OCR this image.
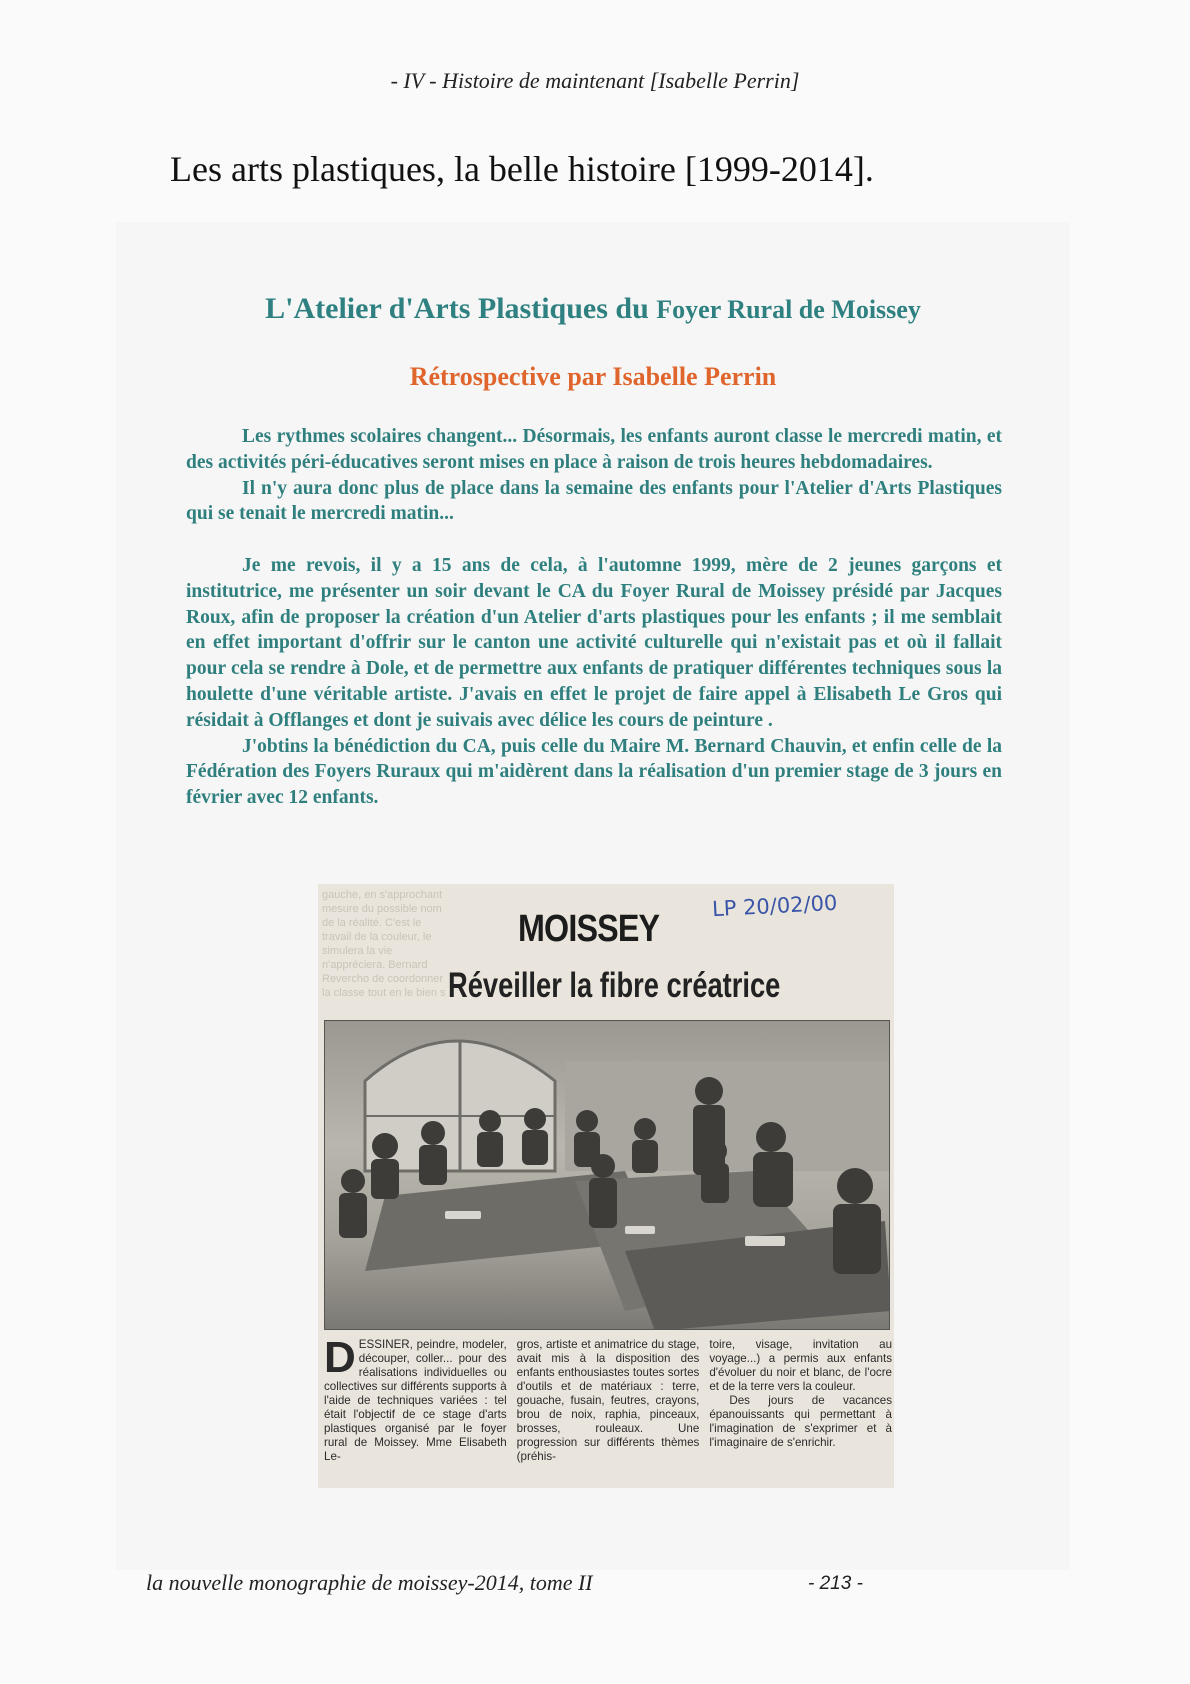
- IV - Histoire de maintenant [Isabelle Perrin]
Les arts plastiques, la belle histoire [1999-2014].
L'Atelier d'Arts Plastiques du Foyer Rural de Moissey
Rétrospective par Isabelle Perrin

Les rythmes scolaires changent... Désormais, les enfants auront classe le mercredi matin, et des activités péri-éducatives seront mises en place à raison de trois heures hebdomadaires.

Il n'y aura donc plus de place dans la semaine des enfants pour l'Atelier d'Arts Plastiques qui se tenait le mercredi matin...

Je me revois, il y a 15 ans de cela, à l'automne 1999, mère de 2 jeunes garçons et institutrice, me présenter un soir devant le CA du Foyer Rural de Moissey présidé par Jacques Roux, afin de proposer la création d'un Atelier d'arts plastiques pour les enfants ; il me semblait en effet important d'offrir sur le canton une activité culturelle qui n'existait pas et où il fallait pour cela se rendre à Dole, et de permettre aux enfants de pratiquer différentes techniques sous la houlette d'une véritable artiste. J'avais en effet le projet de faire appel à Elisabeth Le Gros qui résidait à Offlanges et dont je suivais avec délice les cours de peinture .

J'obtins la bénédiction du CA, puis celle du Maire M. Bernard Chauvin, et enfin celle de la Fédération des Foyers Ruraux qui m'aidèrent dans la réalisation d'un premier stage de 3 jours en février avec 12 enfants.

gauche, en s'approchant mesure du possible nom de la réalité. C'est le travail de la couleur, le simulera la vie n'appréciera. Bernard Revercho de coordonner la classe tout en le bien s
LP 20/02/00
MOISSEY
Réveiller la fibre créatrice
D ESSINER, peindre, modeler, découper, coller... pour des réalisations individuelles ou collectives sur différents supports à l'aide de techniques variées : tel était l'objectif de ce stage d'arts plastiques organisé par le foyer rural de Moissey. Mme Elisabeth Le-
gros, artiste et animatrice du stage, avait mis à la disposition des enfants enthousiastes toutes sortes d'outils et de matériaux : terre, gouache, fusain, feutres, crayons, brou de noix, raphia, pinceaux, brosses, rouleaux. Une progression sur différents thèmes (préhis-
toire, visage, invitation au voyage...) a permis aux enfants d'évoluer du noir et blanc, de l'ocre et de la terre vers la couleur.
Des jours de vacances épanouissants qui permettant à l'imagination de s'exprimer et à l'imaginaire de s'enrichir.
la nouvelle monographie de moissey-2014, tome II	- 213 -
